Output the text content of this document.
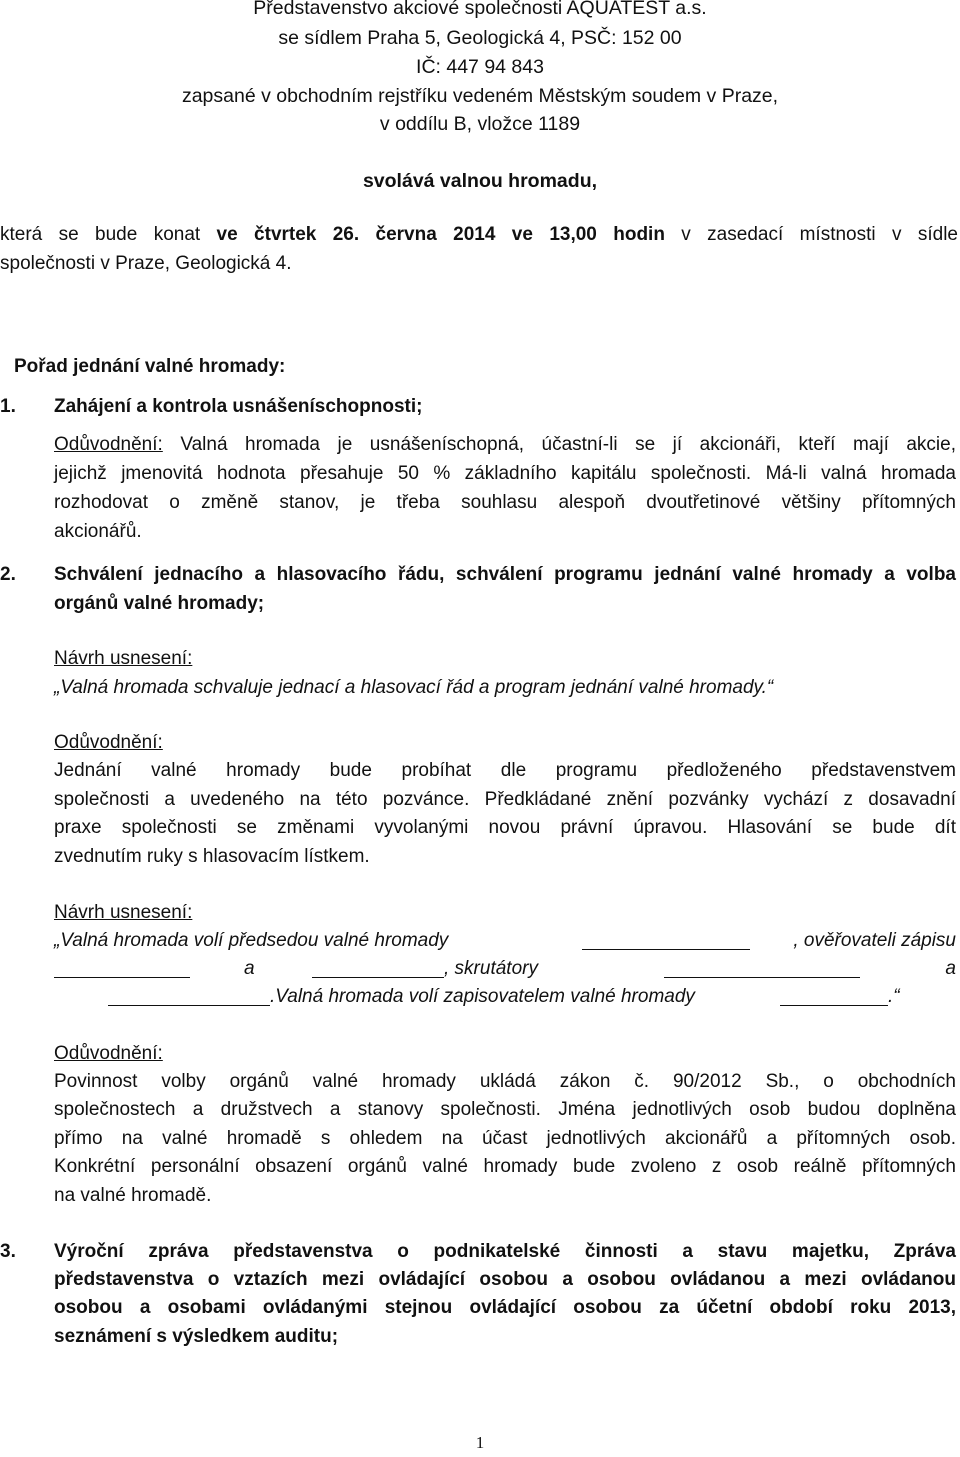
Představenstvo akciové společnosti AQUATEST a.s.
se sídlem Praha 5, Geologická 4, PSČ: 152 00
IČ: 447 94 843
zapsané v obchodním rejstříku vedeném Městským soudem v Praze,
v oddílu B, vložce 1189
svolává valnou hromadu,
která se bude konat ve čtvrtek 26. června 2014 ve 13,00 hodin v zasedací místnosti v sídle
společnosti v Praze, Geologická 4.
Pořad jednání valné hromady:
1. Zahájení a kontrola usnášeníschopnosti;
Odůvodnění: Valná hromada je usnášeníschopná, účastní-li se jí akcionáři, kteří mají akcie,
jejichž jmenovitá hodnota přesahuje 50 % základního kapitálu společnosti. Má-li valná hromada
rozhodovat o změně stanov, je třeba souhlasu alespoň dvoutřetinové většiny přítomných
akcionářů.
2. Schválení jednacího a hlasovacího řádu, schválení programu jednání valné hromady a volba
orgánů valné hromady;
Návrh usnesení:
„Valná hromada schvaluje jednací a hlasovací řád a program jednání valné hromady.“
Odůvodnění:
Jednání valné hromady bude probíhat dle programu předloženého představenstvem
společnosti a uvedeného na této pozvánce. Předkládané znění pozvánky vychází z dosavadní
praxe společnosti se změnami vyvolanými novou právní úpravou. Hlasování se bude dít
zvednutím ruky s hlasovacím lístkem.
Návrh usnesení:
„Valná hromada volí předsedou valné hromady	, ověřovateli zápisu
a	, skrutátory	a
.Valná hromada volí zapisovatelem valné hromady	.“
Odůvodnění:
Povinnost volby orgánů valné hromady ukládá zákon č. 90/2012 Sb., o obchodních
společnostech a družstvech a stanovy společnosti. Jména jednotlivých osob budou doplněna
přímo na valné hromadě s ohledem na účast jednotlivých akcionářů a přítomných osob.
Konkrétní personální obsazení orgánů valné hromady bude zvoleno z osob reálně přítomných
na valné hromadě.
3. Výroční zpráva představenstva o podnikatelské činnosti a stavu majetku, Zpráva
představenstva o vztazích mezi ovládající osobou a osobou ovládanou a mezi ovládanou
osobou a osobami ovládanými stejnou ovládající osobou za účetní období roku 2013,
seznámení s výsledkem auditu;
1
